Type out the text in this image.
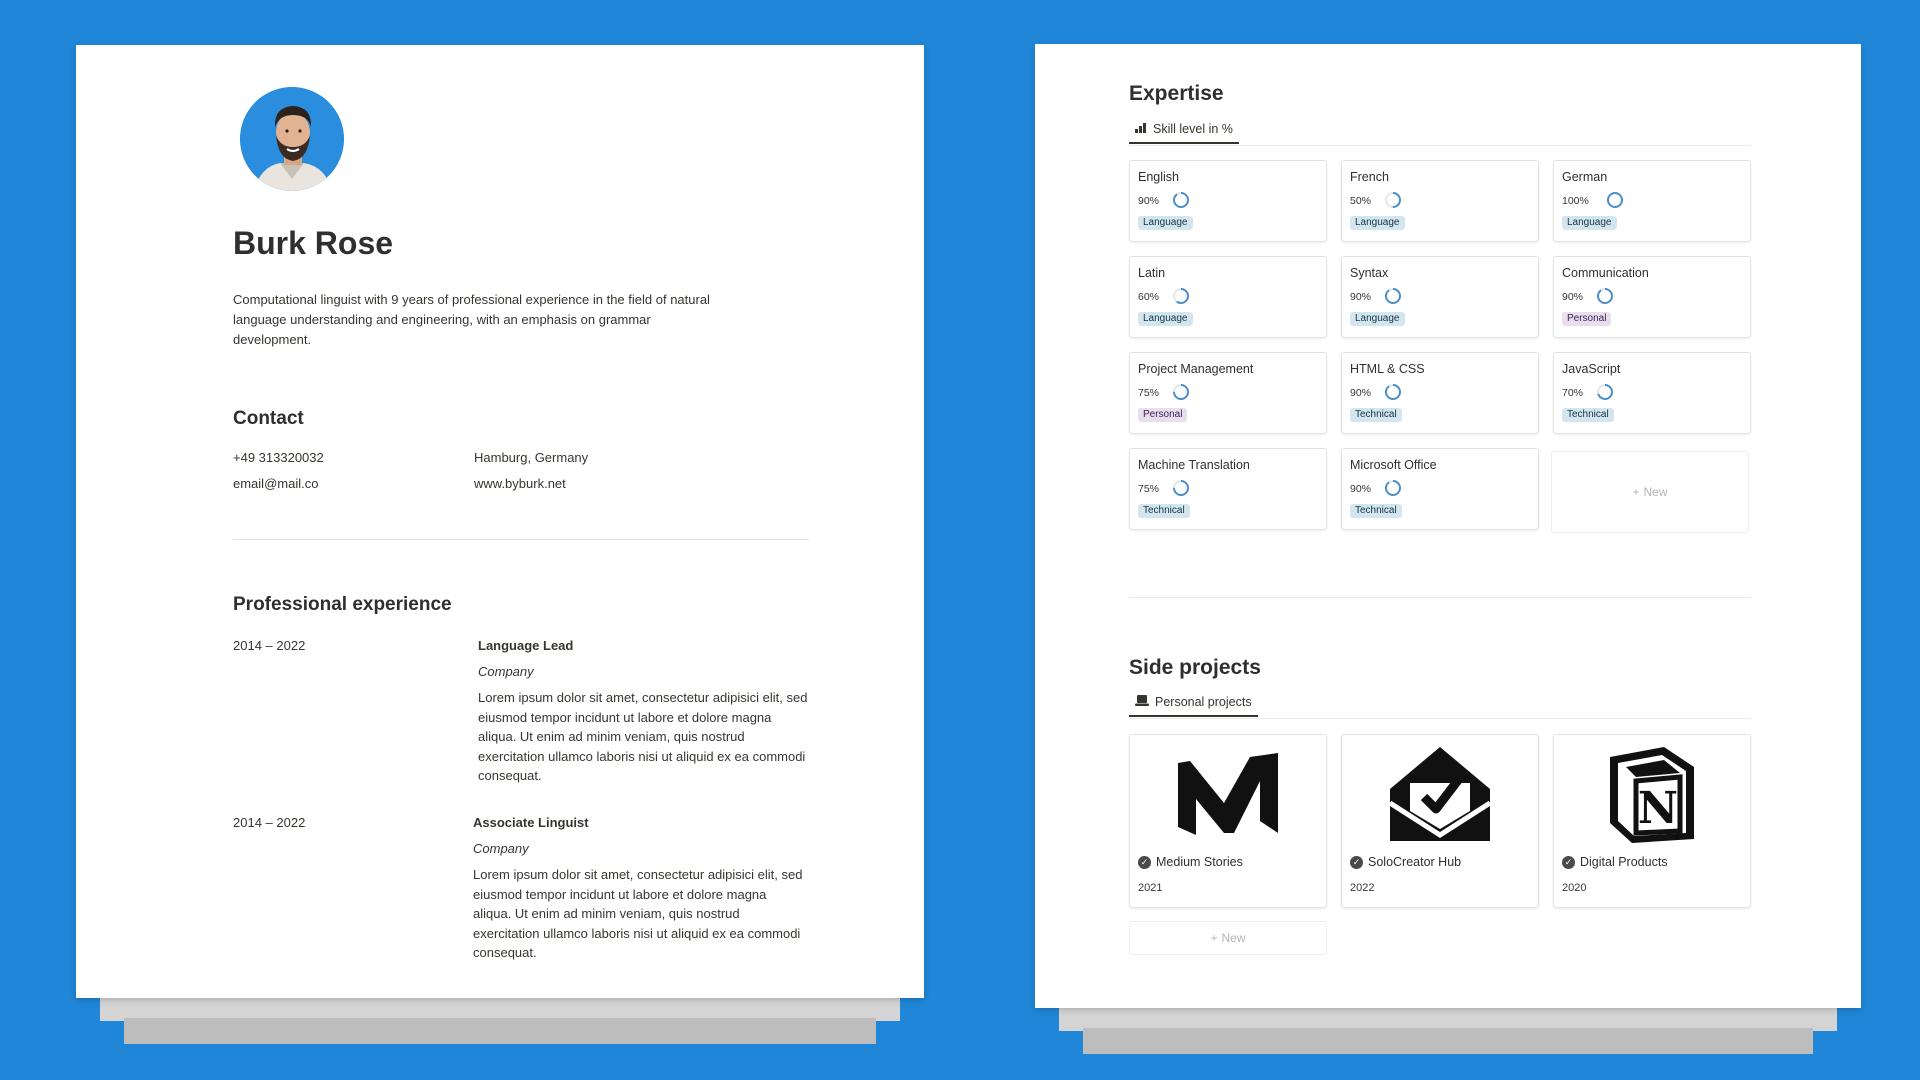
Burk Rose
Computational linguist with 9 years of professional experience in the field of natural language understanding and engineering, with an emphasis on grammar development.
Contact
+49 313320032
email@mail.co
Hamburg, Germany
www.byburk.net
Professional experience
2014 – 2022	Language Lead
Company
Lorem ipsum dolor sit amet, consectetur adipisici elit, sed eiusmod tempor incidunt ut labore et dolore magna aliqua. Ut enim ad minim veniam, quis nostrud exercitation ullamco laboris nisi ut aliquid ex ea commodi consequat.
2014 – 2022	Associate Linguist
Company
Lorem ipsum dolor sit amet, consectetur adipisici elit, sed eiusmod tempor incidunt ut labore et dolore magna aliqua. Ut enim ad minim veniam, quis nostrud exercitation ullamco laboris nisi ut aliquid ex ea commodi consequat.
Expertise
Skill level in %
+ New
Side projects
Personal projects
✓ Medium Stories
2021
✓ SoloCreator Hub
2022
N
✓ Digital Products
2020
+ New
English
90%
Language
French
50%
Language
German
100%
Language
Latin
60%
Language
Syntax
90%
Language
Communication
90%
Personal
Project Management
75%
Personal
HTML & CSS
90%
Technical
JavaScript
70%
Technical
Machine Translation
75%
Technical
Microsoft Office
90%
Technical
